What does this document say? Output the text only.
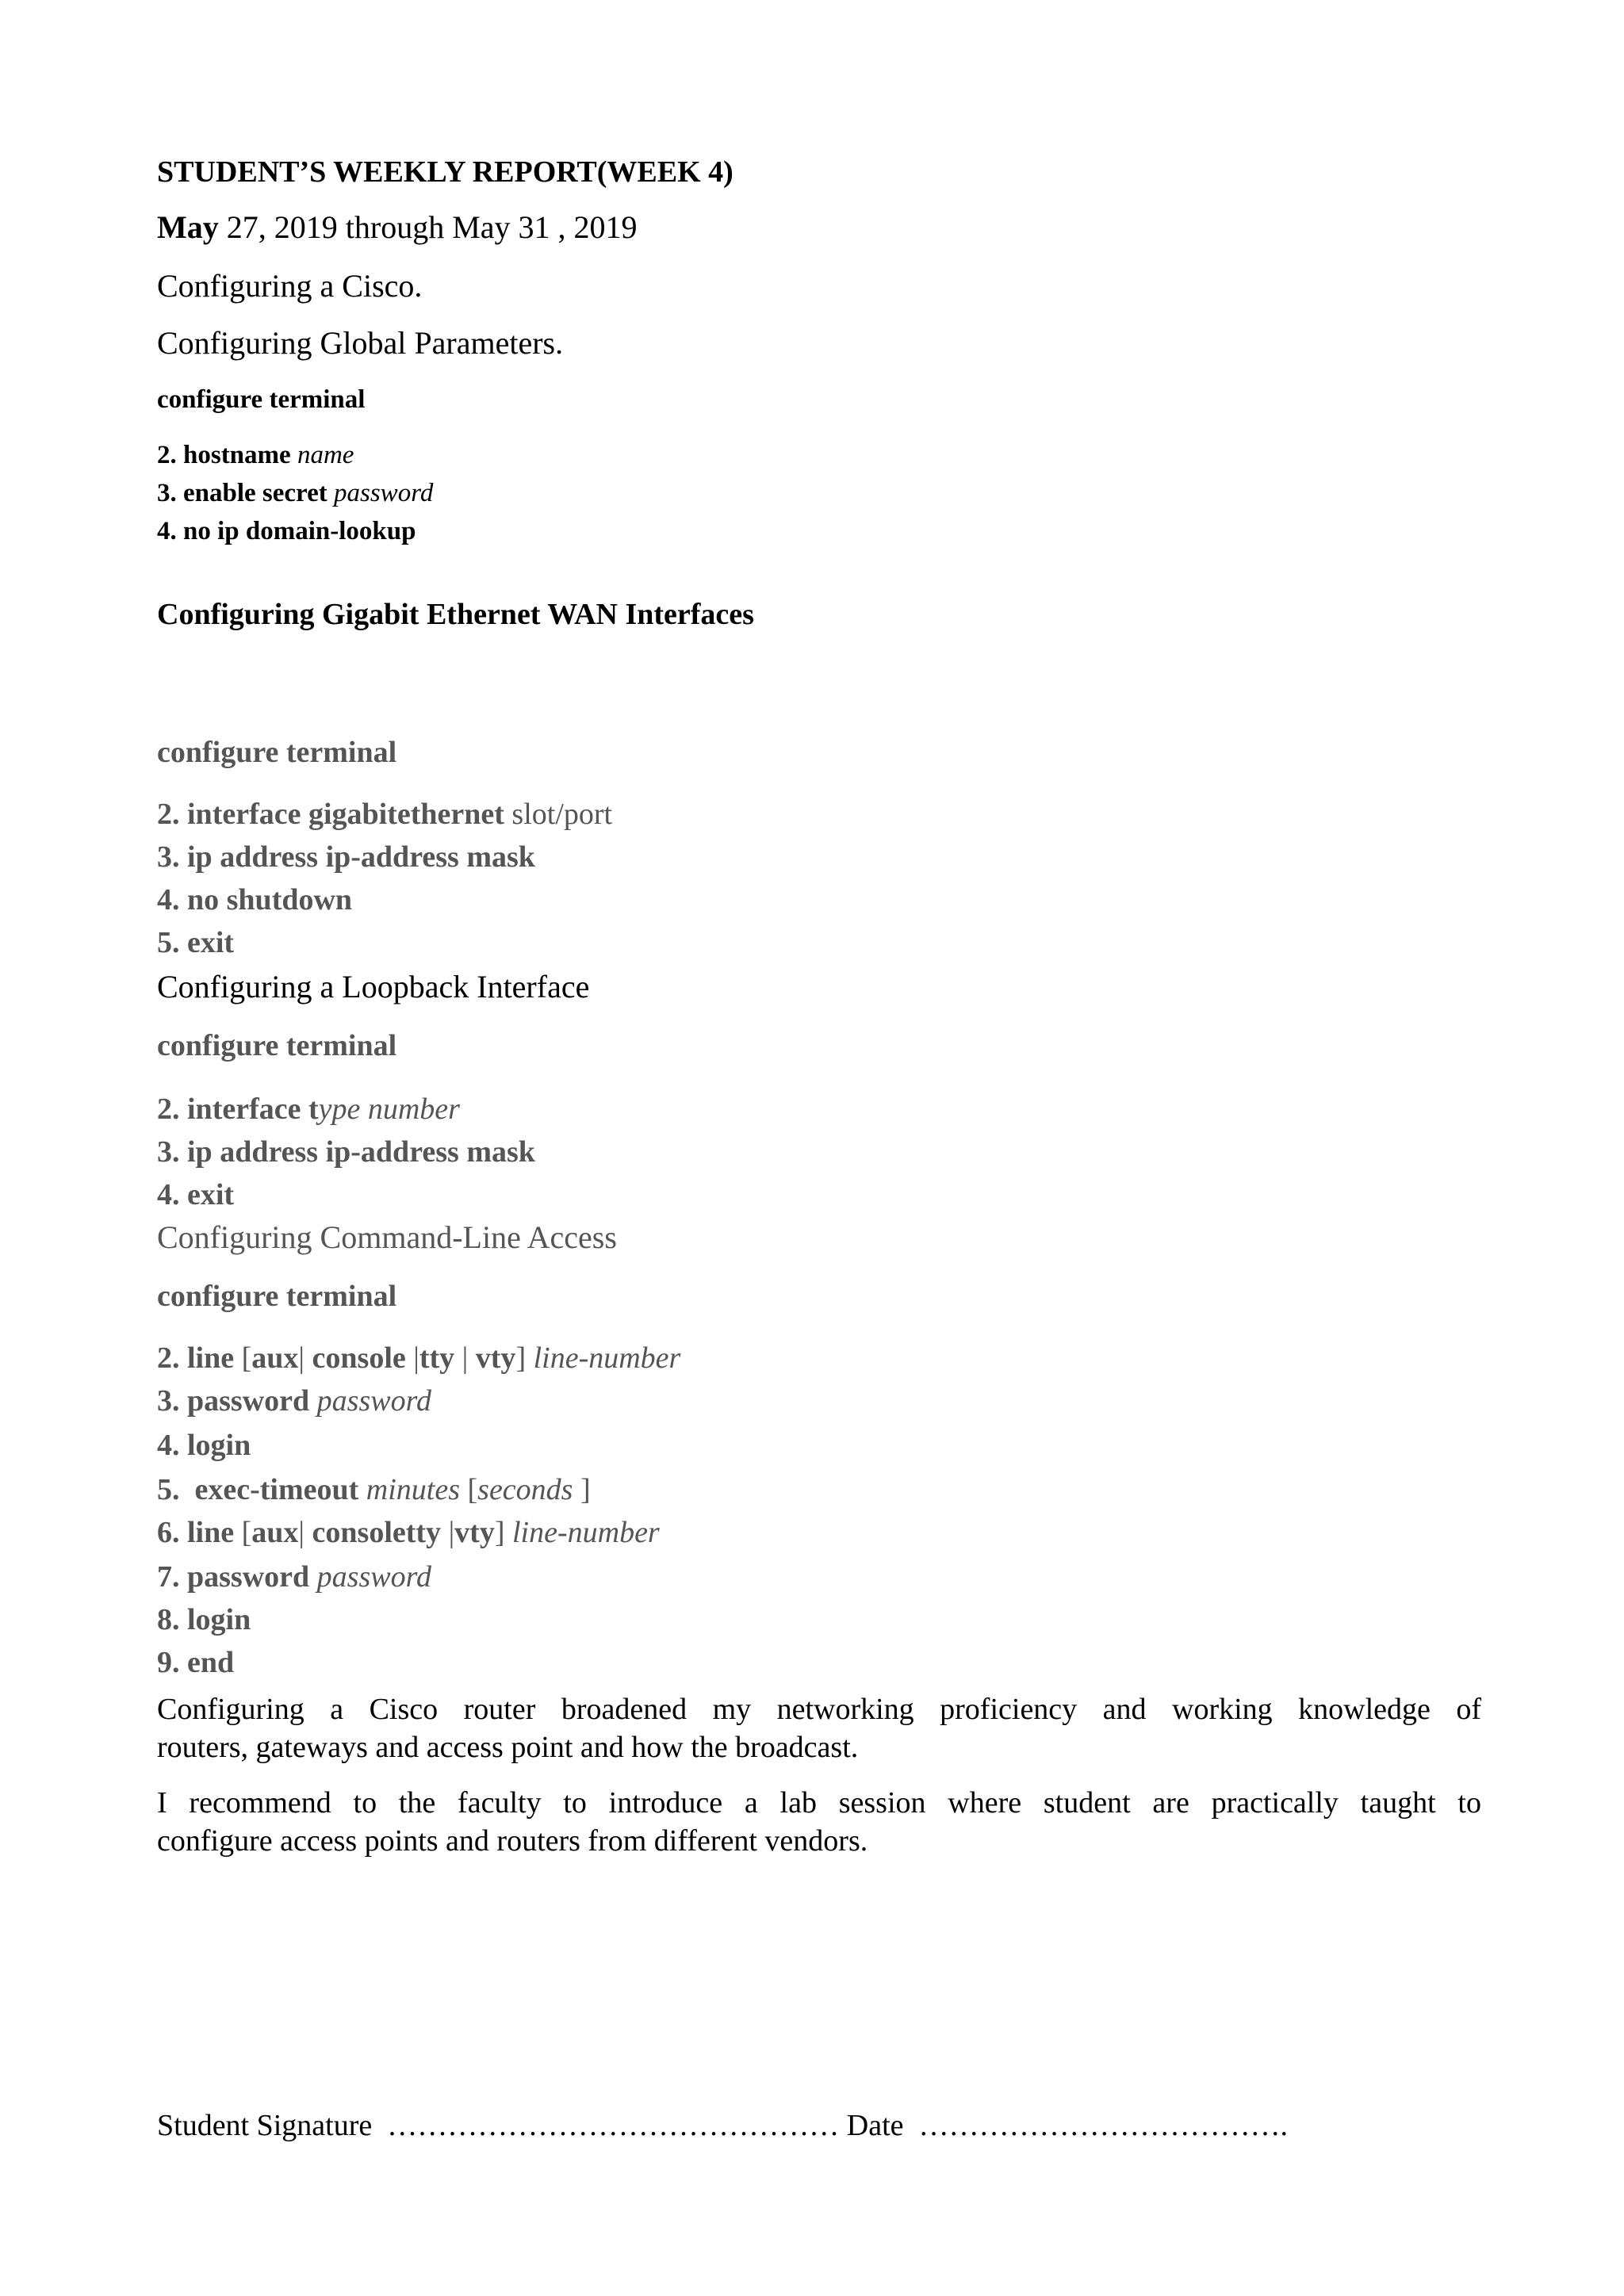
STUDENT’S WEEKLY REPORT(WEEK 4)
May 27, 2019 through May 31 , 2019
Configuring a Cisco.
Configuring Global Parameters.
configure terminal
2. hostname name
3. enable secret password
4. no ip domain-lookup
Configuring Gigabit Ethernet WAN Interfaces
configure terminal
2. interface gigabitethernet slot/port
3. ip address ip-address mask
4. no shutdown
5. exit
Configuring a Loopback Interface
configure terminal
2. interface type number
3. ip address ip-address mask
4. exit
Configuring Command-Line Access
configure terminal
2. line [aux| console |tty | vty] line-number
3. password password
4. login
5.  exec-timeout minutes [seconds ]
6. line [aux| consoletty |vty] line-number
7. password password
8. login
9. end
Configuring a Cisco router broadened my networking proficiency and working knowledge of
routers, gateways and access point and how the broadcast.
I recommend to the faculty to introduce a lab session where student are practically taught to
configure access points and routers from different vendors.
Student Signature ……………………………………… Date ……………………………….
